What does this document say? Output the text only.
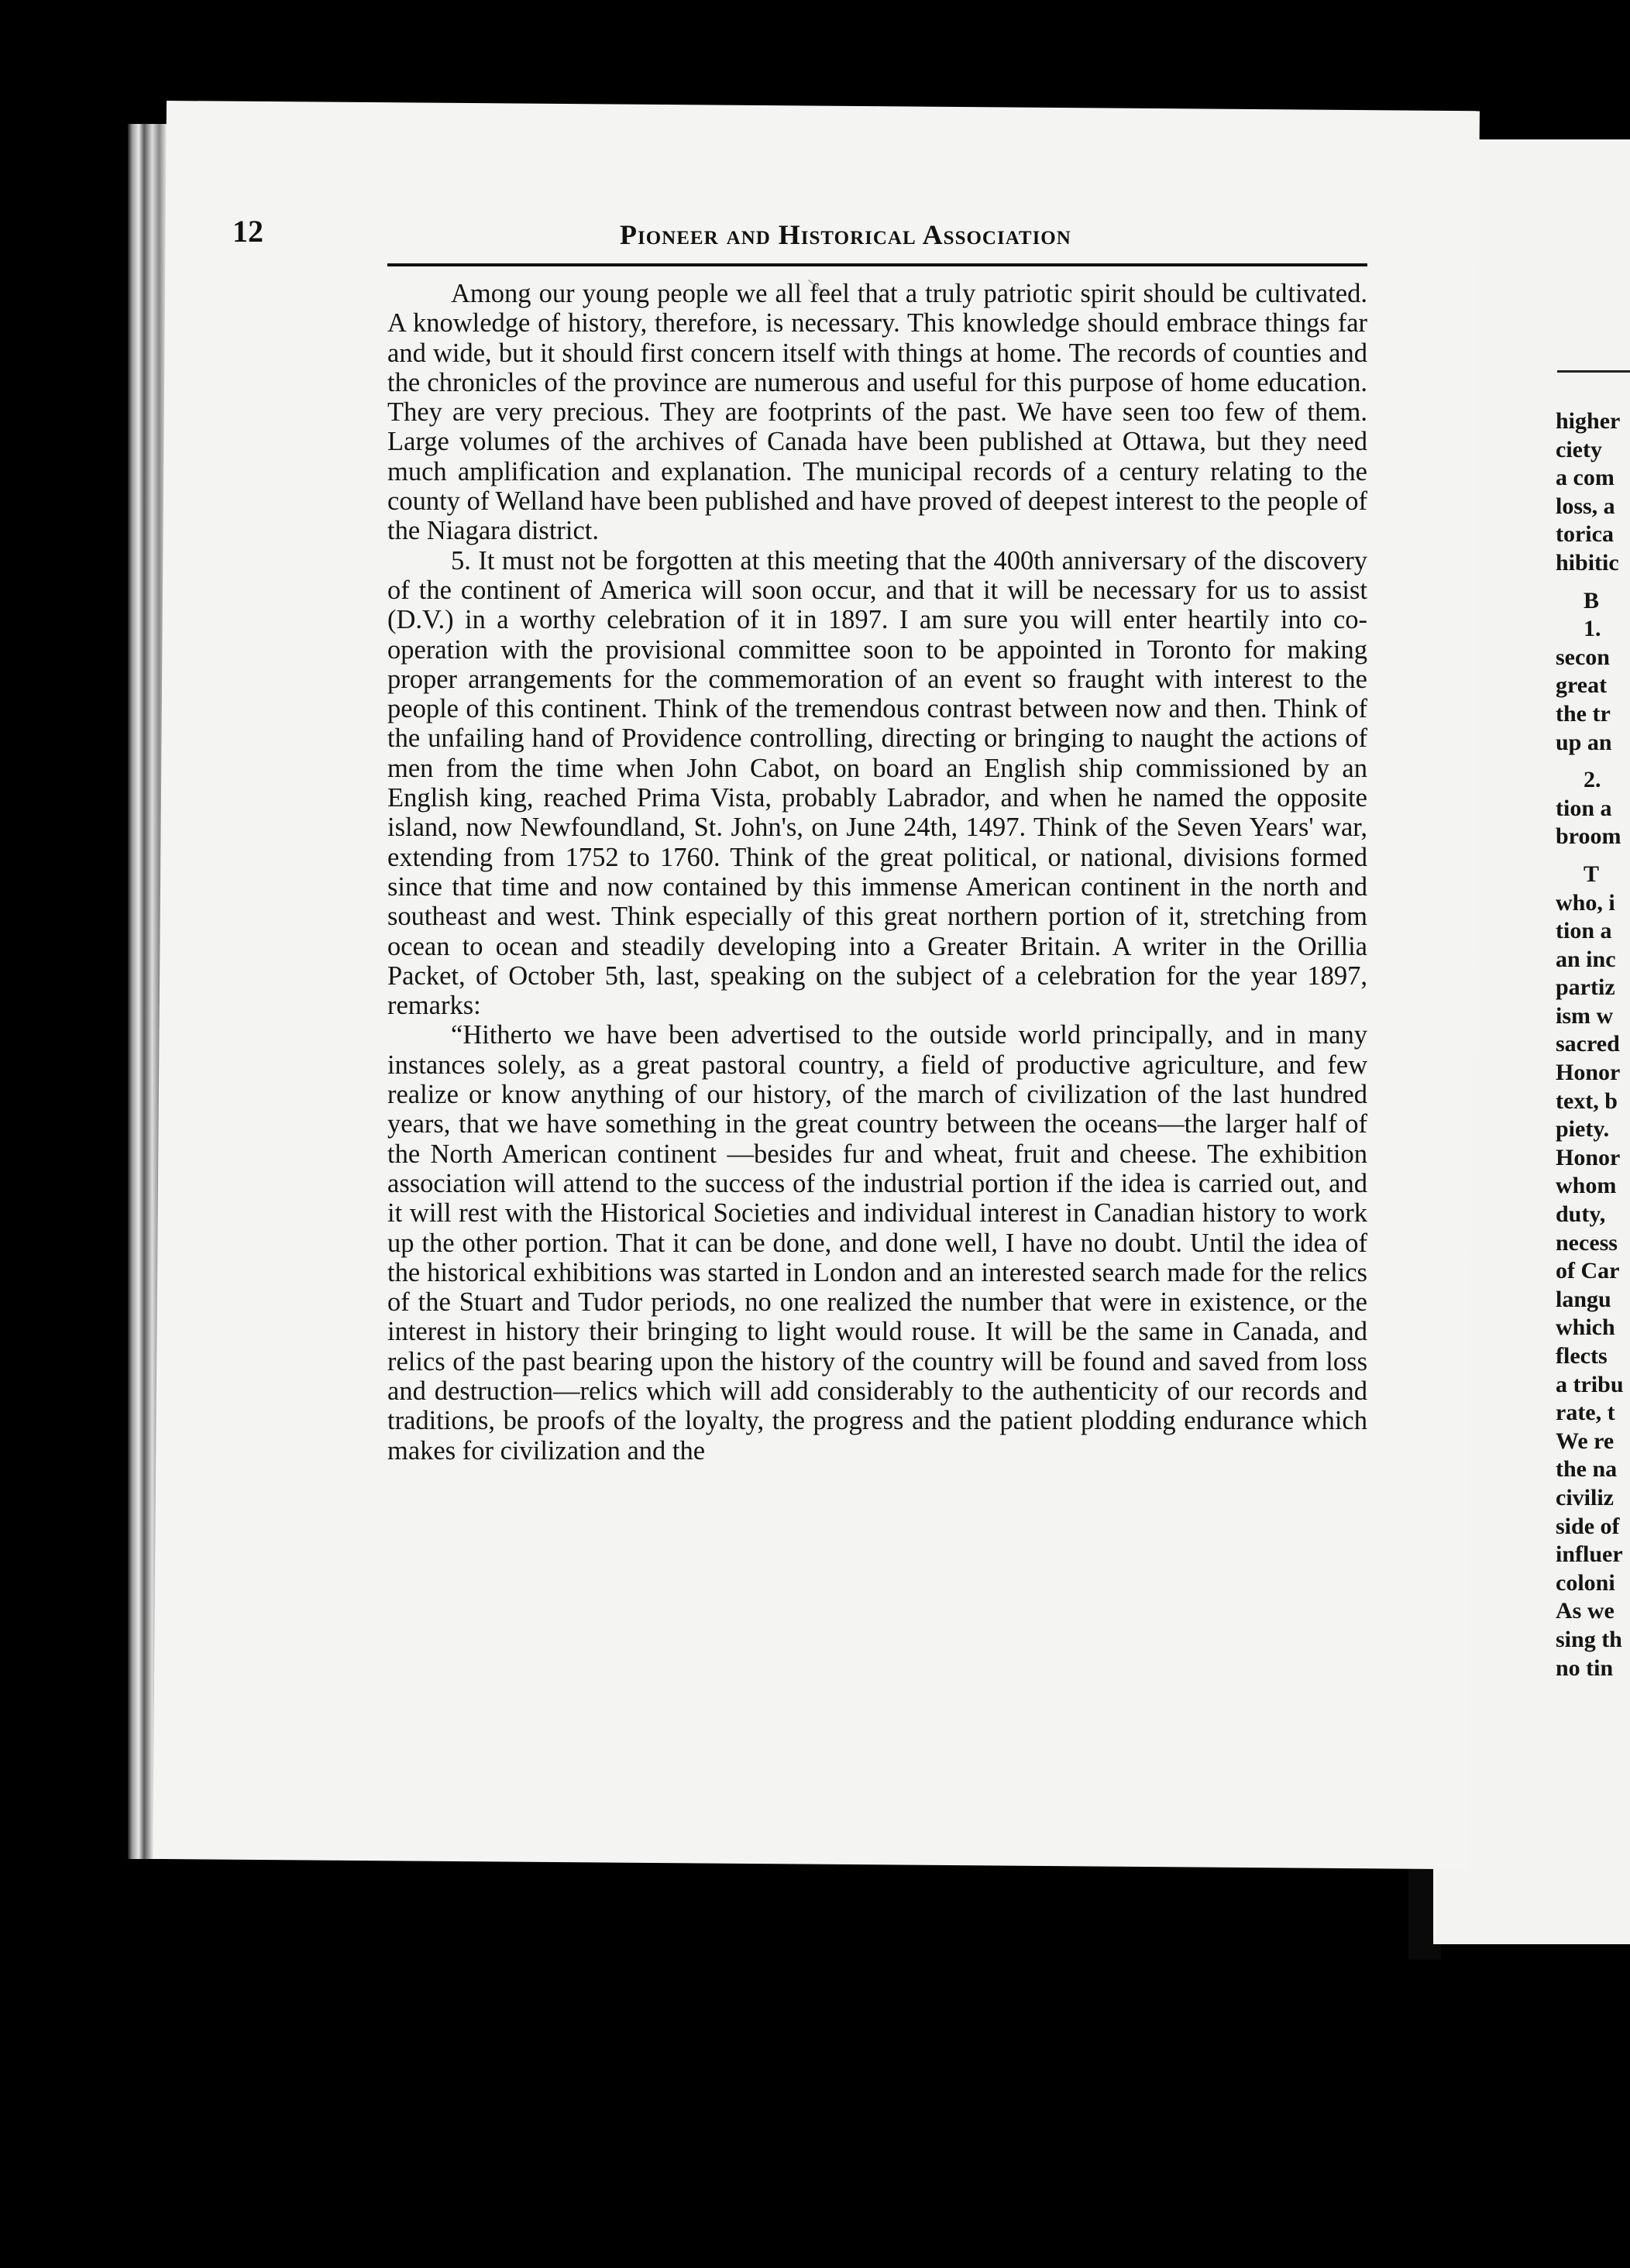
12	Pioneer and Historical Association

Among our young people we all feel that a truly patriotic spirit should be cultivated. A knowledge of history, therefore, is necessary. This knowledge should embrace things far and wide, but it should first concern itself with things at home. The records of counties and the chronicles of the province are numerous and useful for this purpose of home education. They are very precious. They are footprints of the past. We have seen too few of them. Large volumes of the archives of Canada have been published at Ottawa, but they need much amplification and explanation. The municipal records of a century relating to the county of Welland have been published and have proved of deepest interest to the people of the Niagara district.

5. It must not be forgotten at this meeting that the 400th anniversary of the discovery of the continent of America will soon occur, and that it will be necessary for us to assist (D.V.) in a worthy celebration of it in 1897. I am sure you will enter heartily into co-operation with the provisional committee soon to be appointed in Toronto for making proper arrangements for the commemoration of an event so fraught with interest to the people of this continent. Think of the tremendous contrast between now and then. Think of the unfailing hand of Providence controlling, directing or bringing to naught the actions of men from the time when John Cabot, on board an English ship commissioned by an English king, reached Prima Vista, probably Labrador, and when he named the opposite island, now Newfoundland, St. John's, on June 24th, 1497. Think of the Seven Years' war, extending from 1752 to 1760. Think of the great political, or national, divisions formed since that time and now contained by this immense American continent in the north and southeast and west. Think especially of this great northern portion of it, stretching from ocean to ocean and steadily developing into a Greater Britain. A writer in the Orillia Packet, of October 5th, last, speaking on the subject of a celebration for the year 1897, remarks:

“Hitherto we have been advertised to the outside world principally, and in many instances solely, as a great pastoral country, a field of productive agriculture, and few realize or know anything of our history, of the march of civilization of the last hundred years, that we have something in the great country between the oceans—the larger half of the North American continent —besides fur and wheat, fruit and cheese. The exhibition association will attend to the success of the industrial portion if the idea is carried out, and it will rest with the Historical Societies and individual interest in Canadian history to work up the other portion. That it can be done, and done well, I have no doubt. Until the idea of the historical exhibitions was started in London and an interested search made for the relics of the Stuart and Tudor periods, no one realized the number that were in existence, or the interest in history their bringing to light would rouse. It will be the same in Canada, and relics of the past bearing upon the history of the country will be found and saved from loss and destruction—relics which will add considerably to the authenticity of our records and traditions, be proofs of the loyalty, the progress and the patient plodding endurance which makes for civilization and the

higher
ciety
a com
loss, a
torica
hibitic
B
1.
secon
great
the tr
up an
2.
tion a
broom
T
who, i
tion a
an inc
partiz
ism w
sacred
Honor
text, b
piety.
Honor
whom
duty,
necess
of Car
langu
which
flects
a tribu
rate, t
We re
the na
civiliz
side of
influer
coloni
As we
sing th
no tin
